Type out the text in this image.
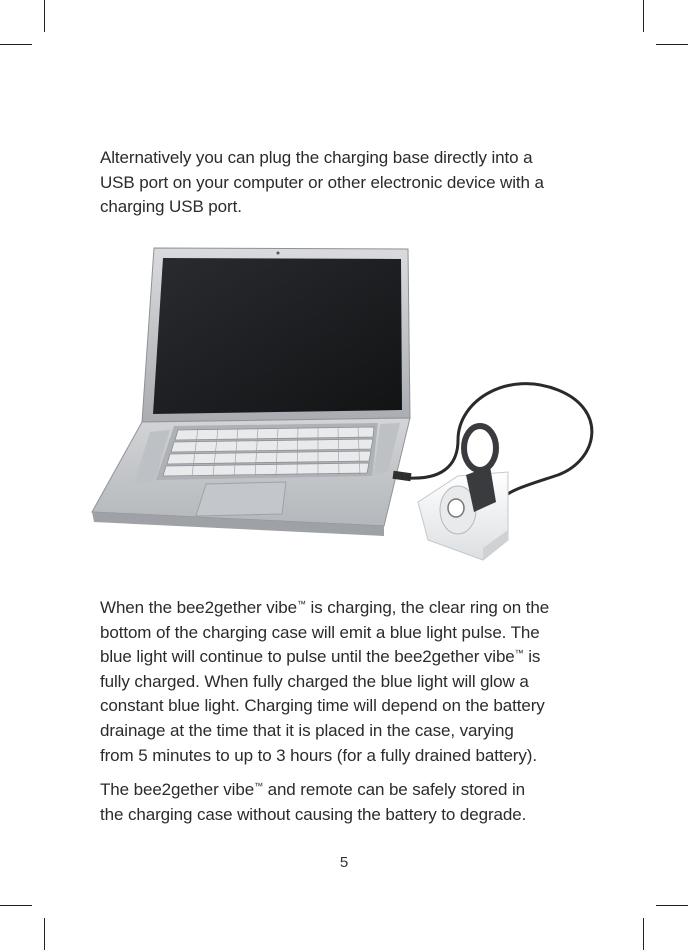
Alternatively you can plug the charging base directly into a
USB port on your computer or other electronic device with a
charging USB port.
When the bee2gether vibe™ is charging, the clear ring on the
bottom of the charging case will emit a blue light pulse. The
blue light will continue to pulse until the bee2gether vibe™ is
fully charged. When fully charged the blue light will glow a
constant blue light. Charging time will depend on the battery
drainage at the time that it is placed in the case, varying
from 5 minutes to up to 3 hours (for a fully drained battery).
The bee2gether vibe™ and remote can be safely stored in
the charging case without causing the battery to degrade.
5
